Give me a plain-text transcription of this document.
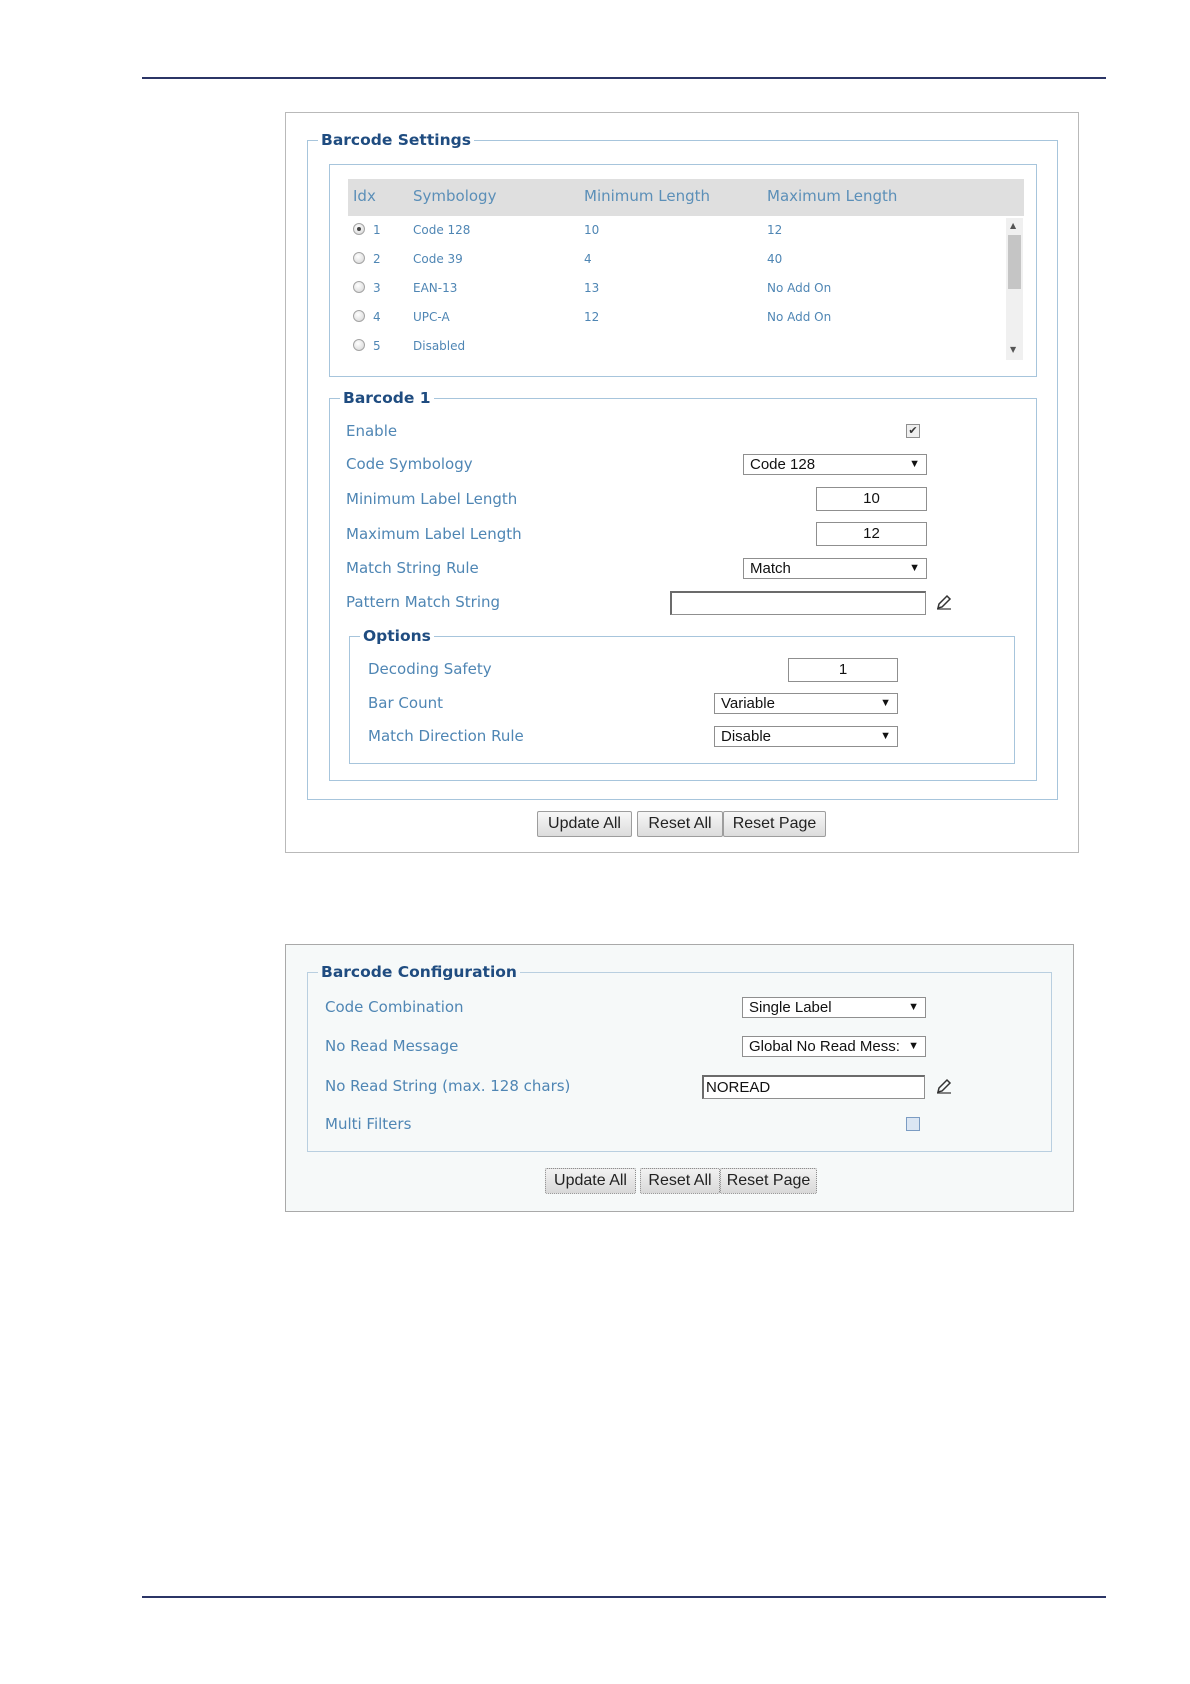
Barcode Settings
Idx Symbology	Minimum Length	Maximum Length
1	Code 128	10	12
2	Code 39	4	40
3	EAN-13	13	No Add On
4	UPC-A	12	No Add On
5	Disabled
▲
▼
Barcode 1
Enable	✔
Code Symbology	Code 128	▼
Minimum Label Length	10
Maximum Label Length	12
Match String Rule	Match	▼
Pattern Match String
Options
Decoding Safety	1
Bar Count	Variable	▼
Match Direction Rule	Disable	▼
Update All	Reset All	Reset Page
Barcode Configuration
Code Combination	Single Label	▼
No Read Message	Global No Read Mess: ▼
No Read String (max. 128 chars)	NOREAD
Multi Filters
Update All	Reset All Reset Page
